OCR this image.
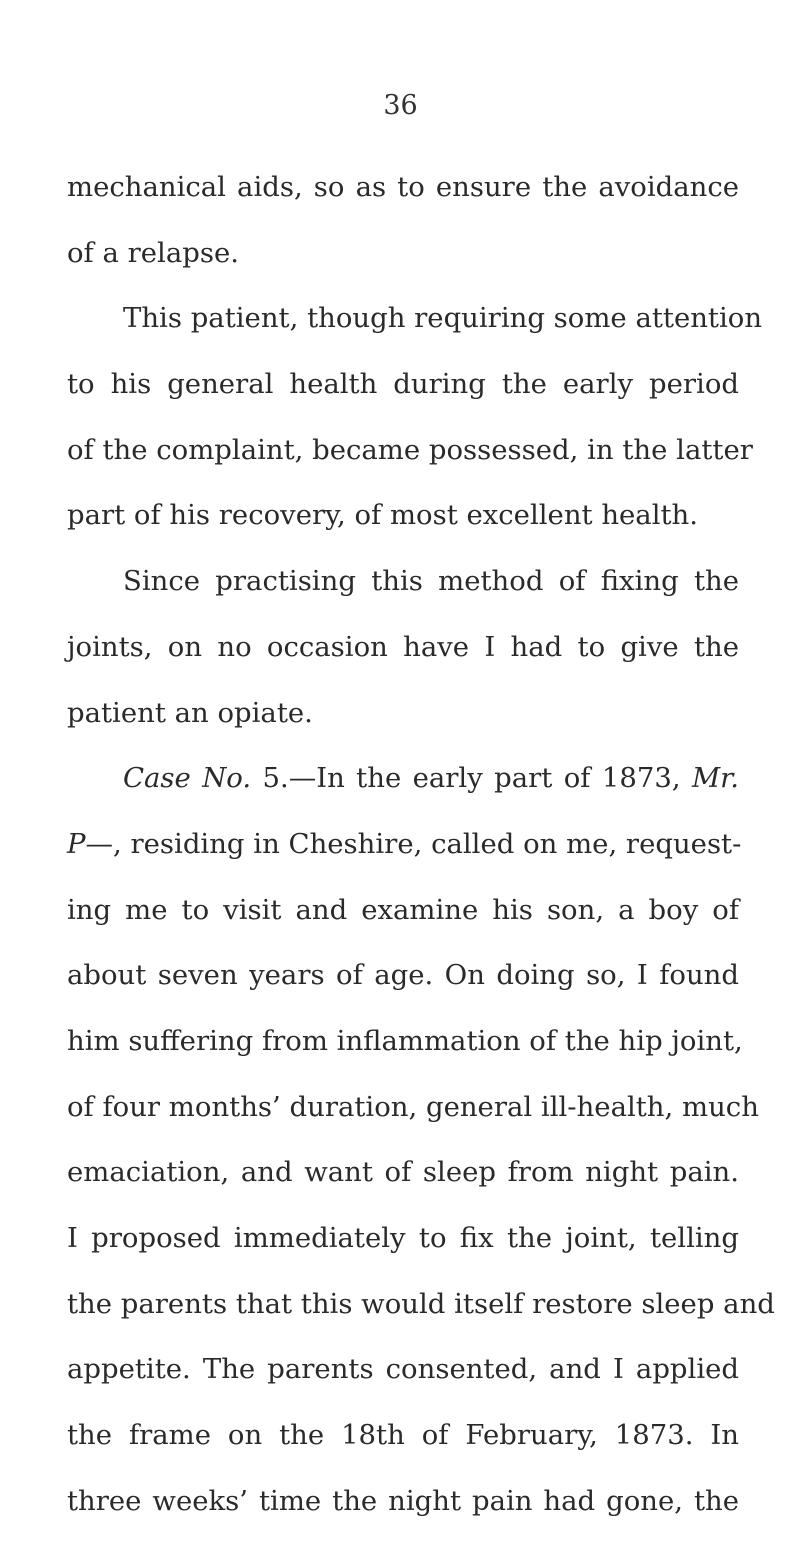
36
mechanical aids, so as to ensure the avoidance
of a relapse.
This patient, though requiring some attention
to his general health during the early period
of the complaint, became possessed, in the latter
part of his recovery, of most excellent health.
Since practising this method of fixing the
joints, on no occasion have I had to give the
patient an opiate.
Case No. 5.—In the early part of 1873, Mr.
P—, residing in Cheshire, called on me, request-
ing me to visit and examine his son, a boy of
about seven years of age. On doing so, I found
him suffering from inflammation of the hip joint,
of four months’ duration, general ill-health, much
emaciation, and want of sleep from night pain.
I proposed immediately to fix the joint, telling
the parents that this would itself restore sleep and
appetite. The parents consented, and I applied
the frame on the 18th of February, 1873. In
three weeks’ time the night pain had gone, the
